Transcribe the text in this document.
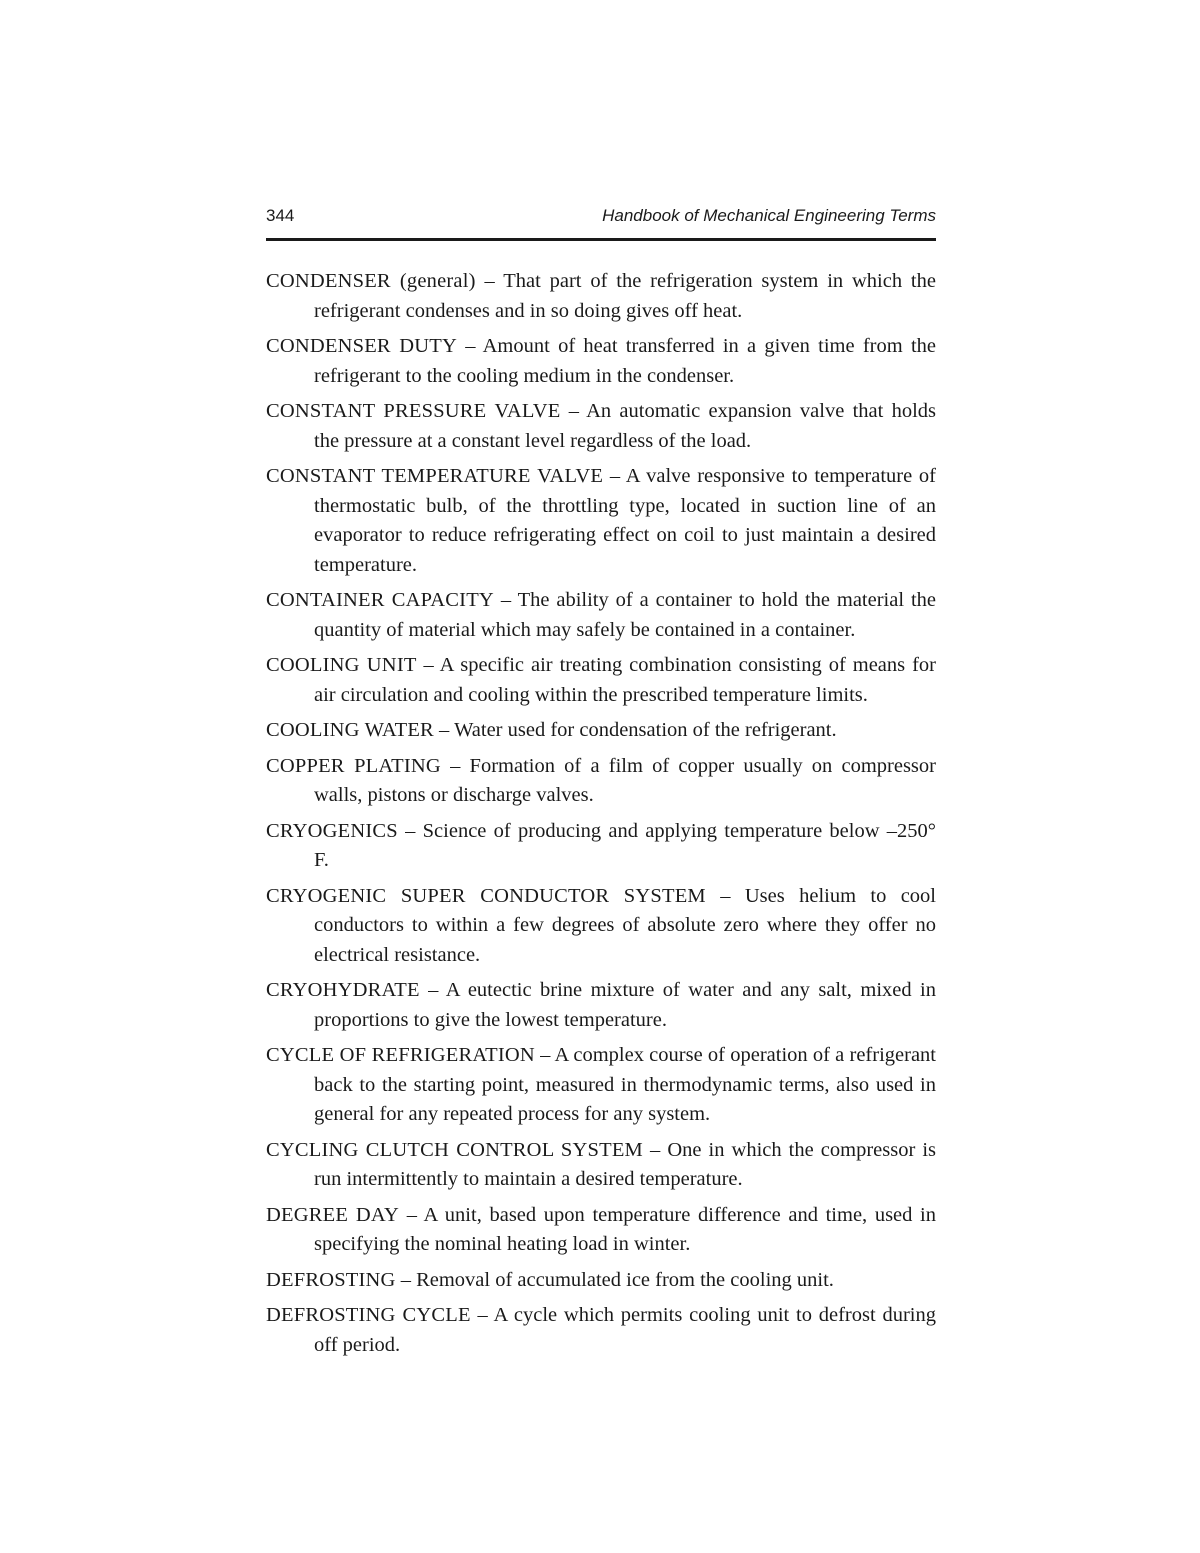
344	Handbook of Mechanical Engineering Terms

CONDENSER (general) – That part of the refrigeration system in which the refrigerant condenses and in so doing gives off heat.

CONDENSER DUTY – Amount of heat transferred in a given time from the refrigerant to the cooling medium in the condenser.

CONSTANT PRESSURE VALVE – An automatic expansion valve that holds the pressure at a constant level regardless of the load.

CONSTANT TEMPERATURE VALVE – A valve responsive to temperature of thermostatic bulb, of the throttling type, located in suction line of an evaporator to reduce refrigerating effect on coil to just maintain a desired temperature.

CONTAINER CAPACITY – The ability of a container to hold the material the quantity of material which may safely be contained in a container.

COOLING UNIT – A specific air treating combination consisting of means for air circulation and cooling within the prescribed temperature limits.

COOLING WATER – Water used for condensation of the refrigerant.

COPPER PLATING – Formation of a film of copper usually on compressor walls, pistons or discharge valves.

CRYOGENICS – Science of producing and applying temperature below –250° F.

CRYOGENIC SUPER CONDUCTOR SYSTEM – Uses helium to cool conductors to within a few degrees of absolute zero where they offer no electrical resistance.

CRYOHYDRATE – A eutectic brine mixture of water and any salt, mixed in proportions to give the lowest temperature.

CYCLE OF REFRIGERATION – A complex course of operation of a refrigerant back to the starting point, measured in thermodynamic terms, also used in general for any repeated process for any system.

CYCLING CLUTCH CONTROL SYSTEM – One in which the compressor is run intermittently to maintain a desired temperature.

DEGREE DAY – A unit, based upon temperature difference and time, used in specifying the nominal heating load in winter.

DEFROSTING – Removal of accumulated ice from the cooling unit.

DEFROSTING CYCLE – A cycle which permits cooling unit to defrost during off period.
